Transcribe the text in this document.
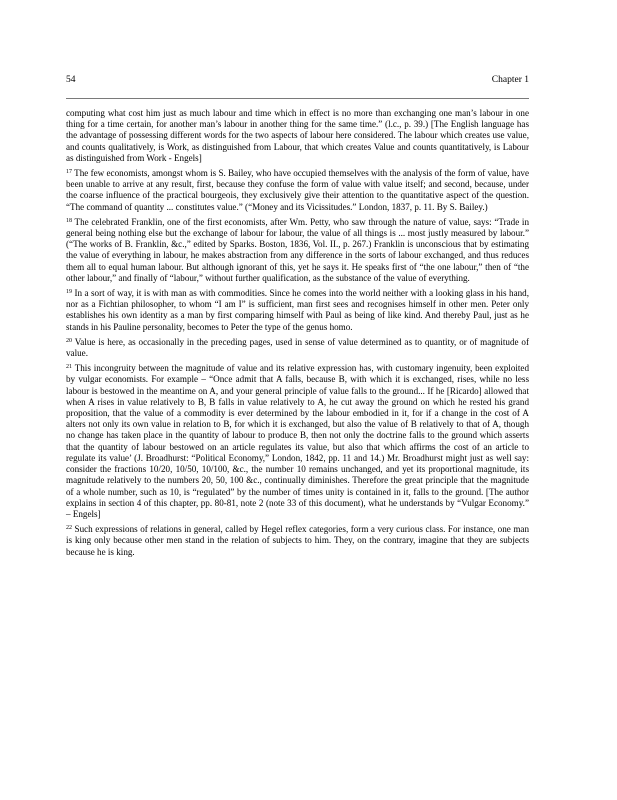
54	Chapter 1

computing what cost him just as much labour and time which in effect is no more than exchanging one man’s labour in one thing for a time certain, for another man’s labour in another thing for the same time.” (l.c., p. 39.) [The English language has the advantage of possessing different words for the two aspects of labour here considered. The labour which creates use value, and counts qualitatively, is Work, as distinguished from Labour, that which creates Value and counts quantitatively, is Labour as distinguished from Work - Engels]

$^{17}$ The few economists, amongst whom is S. Bailey, who have occupied themselves with the analysis of the form of value, have been unable to arrive at any result, first, because they confuse the form of value with value itself; and second, because, under the coarse influence of the practical bourgeois, they exclusively give their attention to the quantitative aspect of the question. “The command of quantity ... constitutes value.” (“Money and its Vicissitudes.” London, 1837, p. 11. By S. Bailey.)

$^{18}$ The celebrated Franklin, one of the first economists, after Wm. Petty, who saw through the nature of value, says: “Trade in general being nothing else but the exchange of labour for labour, the value of all things is ... most justly measured by labour.” (“The works of B. Franklin, &c.,” edited by Sparks. Boston, 1836, Vol. II., p. 267.) Franklin is unconscious that by estimating the value of everything in labour, he makes abstraction from any difference in the sorts of labour exchanged, and thus reduces them all to equal human labour. But although ignorant of this, yet he says it. He speaks first of “the one labour,” then of “the other labour,” and finally of “labour,” without further qualification, as the substance of the value of everything.

$^{19}$ In a sort of way, it is with man as with commodities. Since he comes into the world neither with a looking glass in his hand, nor as a Fichtian philosopher, to whom “I am I” is sufficient, man first sees and recognises himself in other men. Peter only establishes his own identity as a man by first comparing himself with Paul as being of like kind. And thereby Paul, just as he stands in his Pauline personality, becomes to Peter the type of the genus homo.

$^{20}$ Value is here, as occasionally in the preceding pages, used in sense of value determined as to quantity, or of magnitude of value.

$^{21}$ This incongruity between the magnitude of value and its relative expression has, with customary ingenuity, been exploited by vulgar economists. For example – “Once admit that A falls, because B, with which it is exchanged, rises, while no less labour is bestowed in the meantime on A, and your general principle of value falls to the ground... If he [Ricardo] allowed that when A rises in value relatively to B, B falls in value relatively to A, he cut away the ground on which he rested his grand proposition, that the value of a commodity is ever determined by the labour embodied in it, for if a change in the cost of A alters not only its own value in relation to B, for which it is exchanged, but also the value of B relatively to that of A, though no change has taken place in the quantity of labour to produce B, then not only the doctrine falls to the ground which asserts that the quantity of labour bestowed on an article regulates its value, but also that which affirms the cost of an article to regulate its value’ (J. Broadhurst: “Political Economy,” London, 1842, pp. 11 and 14.) Mr. Broadhurst might just as well say: consider the fractions 10/20, 10/50, 10/100, &c., the number 10 remains unchanged, and yet its proportional magnitude, its magnitude relatively to the numbers 20, 50, 100 &c., continually diminishes. Therefore the great principle that the magnitude of a whole number, such as 10, is “regulated” by the number of times unity is contained in it, falls to the ground. [The author explains in section 4 of this chapter, pp. 80-81, note 2 (note 33 of this document), what he understands by “Vulgar Economy.” – Engels]

$^{22}$ Such expressions of relations in general, called by Hegel reflex categories, form a very curious class. For instance, one man is king only because other men stand in the relation of subjects to him. They, on the contrary, imagine that they are subjects because he is king.
